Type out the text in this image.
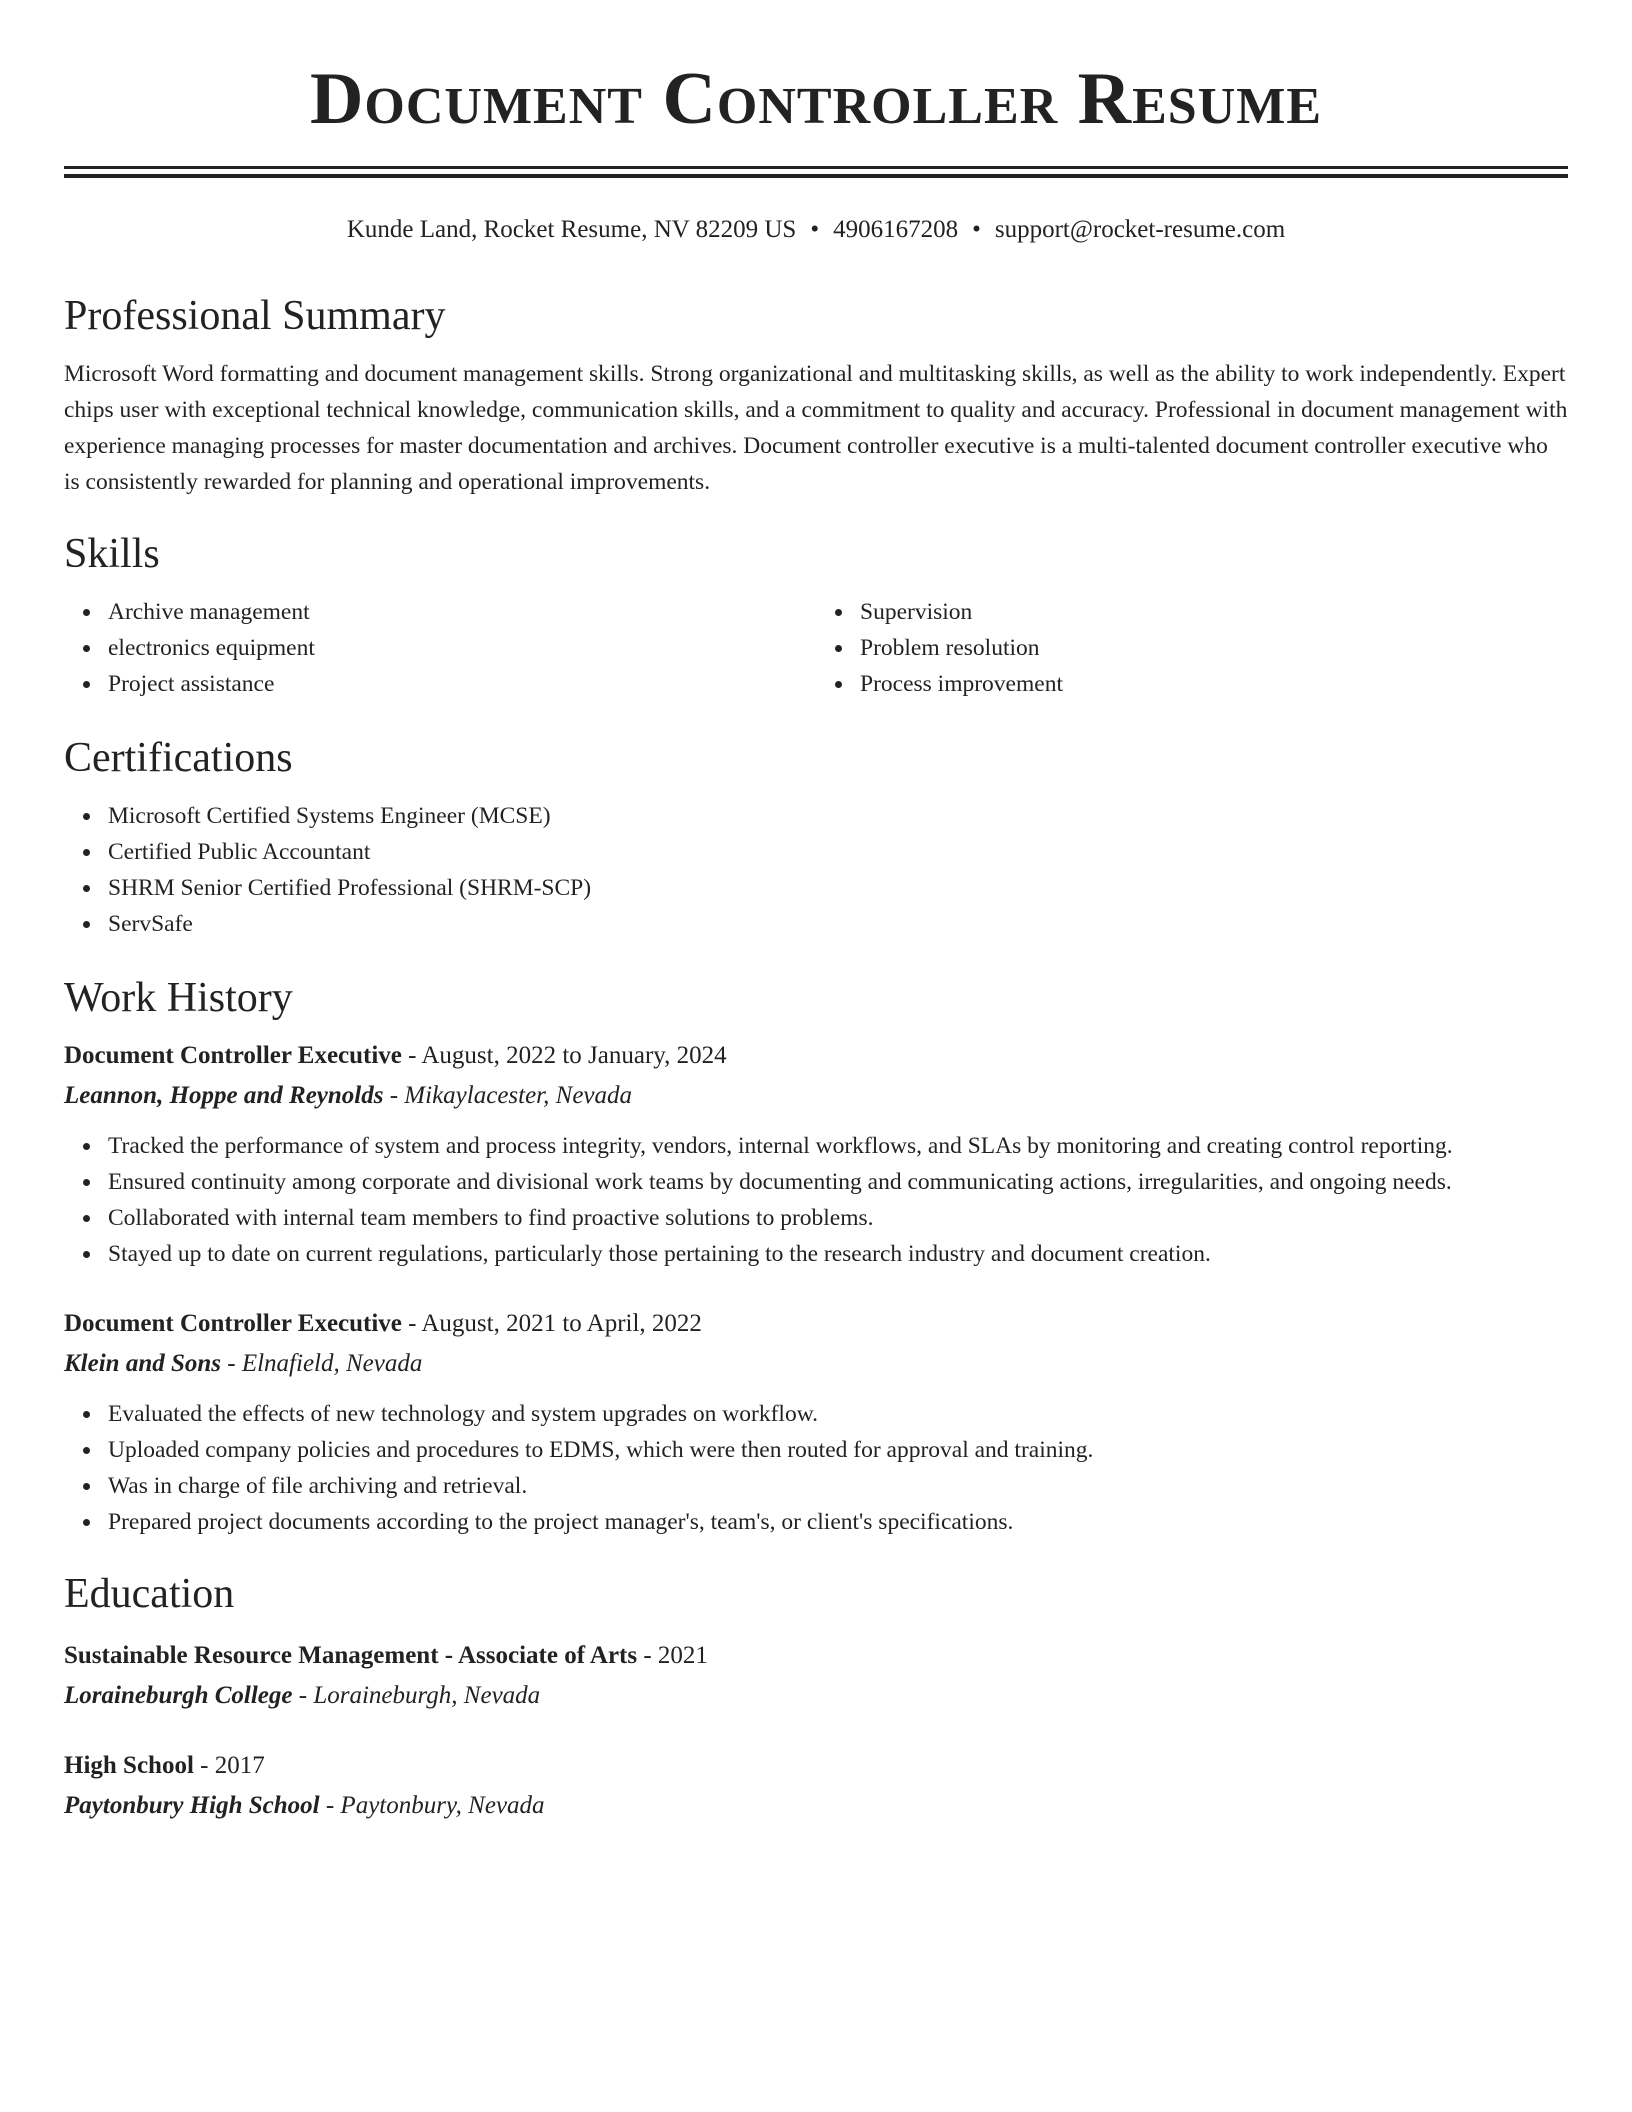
Document Controller Resume
Kunde Land, Rocket Resume, NV 82209 US • 4906167208 • support@rocket-resume.com
Professional Summary

Microsoft Word formatting and document management skills. Strong organizational and multitasking skills, as well as the ability to work independently. Expert chips user with exceptional technical knowledge, communication skills, and a commitment to quality and accuracy. Professional in document management with experience managing processes for master documentation and archives. Document controller executive is a multi-talented document controller executive who is consistently rewarded for planning and operational improvements.

Skills
Archive management
electronics equipment
Project assistance
Supervision
Problem resolution
Process improvement
Certifications
Microsoft Certified Systems Engineer (MCSE)
Certified Public Accountant
SHRM Senior Certified Professional (SHRM-SCP)
ServSafe
Work History
Document Controller Executive - August, 2022 to January, 2024
Leannon, Hoppe and Reynolds - Mikaylacester, Nevada
Tracked the performance of system and process integrity, vendors, internal workflows, and SLAs by monitoring and creating control reporting.
Ensured continuity among corporate and divisional work teams by documenting and communicating actions, irregularities, and ongoing needs.
Collaborated with internal team members to find proactive solutions to problems.
Stayed up to date on current regulations, particularly those pertaining to the research industry and document creation.
Document Controller Executive - August, 2021 to April, 2022
Klein and Sons - Elnafield, Nevada
Evaluated the effects of new technology and system upgrades on workflow.
Uploaded company policies and procedures to EDMS, which were then routed for approval and training.
Was in charge of file archiving and retrieval.
Prepared project documents according to the project manager's, team's, or client's specifications.
Education
Sustainable Resource Management - Associate of Arts - 2021
Loraineburgh College - Loraineburgh, Nevada
High School - 2017
Paytonbury High School - Paytonbury, Nevada
